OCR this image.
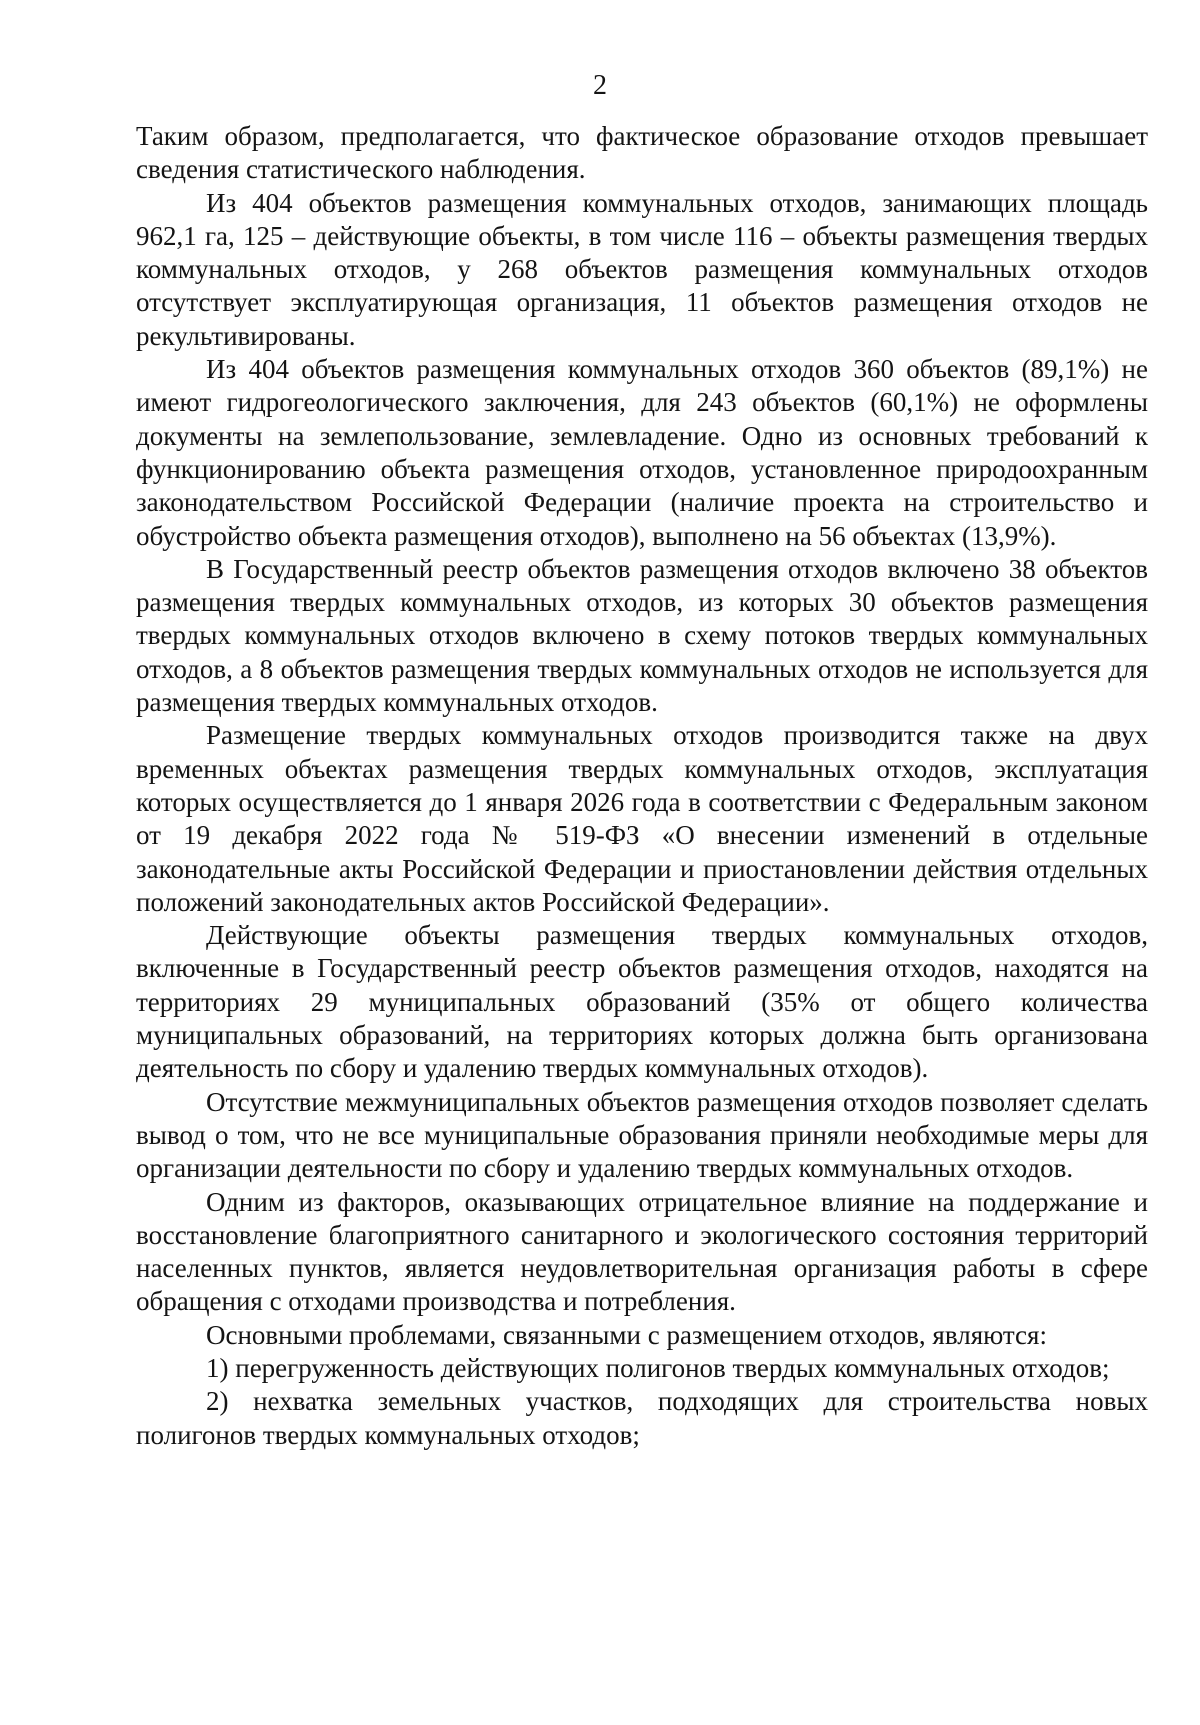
2

Таким образом, предполагается, что фактическое образование отходов превышает сведения статистического наблюдения.

Из 404 объектов размещения коммунальных отходов, занимающих площадь 962,1 га, 125 – действующие объекты, в том числе 116 – объекты размещения твердых коммунальных отходов, у 268 объектов размещения коммунальных отходов отсутствует эксплуатирующая организация, 11 объектов размещения отходов не рекультивированы.

Из 404 объектов размещения коммунальных отходов 360 объектов (89,1%) не имеют гидрогеологического заключения, для 243 объектов (60,1%) не оформлены документы на землепользование, землевладение. Одно из основных требований к функционированию объекта размещения отходов, установленное природоохранным законодательством Российской Федерации (наличие проекта на строительство и обустройство объекта размещения отходов), выполнено на 56 объектах (13,9%).

В Государственный реестр объектов размещения отходов включено 38 объектов размещения твердых коммунальных отходов, из которых 30 объектов размещения твердых коммунальных отходов включено в схему потоков твердых коммунальных отходов, а 8 объектов размещения твердых коммунальных отходов не используется для размещения твердых коммунальных отходов.

Размещение твердых коммунальных отходов производится также на двух временных объектах размещения твердых коммунальных отходов, эксплуатация которых осуществляется до 1 января 2026 года в соответствии с Федеральным законом от 19 декабря 2022 года № 519-ФЗ «О внесении изменений в отдельные законодательные акты Российской Федерации и приостановлении действия отдельных положений законодательных актов Российской Федерации».

Действующие объекты размещения твердых коммунальных отходов, включенные в Государственный реестр объектов размещения отходов, находятся на территориях 29 муниципальных образований (35% от общего количества муниципальных образований, на территориях которых должна быть организована деятельность по сбору и удалению твердых коммунальных отходов).

Отсутствие межмуниципальных объектов размещения отходов позволяет сделать вывод о том, что не все муниципальные образования приняли необходимые меры для организации деятельности по сбору и удалению твердых коммунальных отходов.

Одним из факторов, оказывающих отрицательное влияние на поддержание и восстановление благоприятного санитарного и экологического состояния территорий населенных пунктов, является неудовлетворительная организация работы в сфере обращения с отходами производства и потребления.

Основными проблемами, связанными с размещением отходов, являются:

1) перегруженность действующих полигонов твердых коммунальных отходов;

2) нехватка земельных участков, подходящих для строительства новых полигонов твердых коммунальных отходов;
